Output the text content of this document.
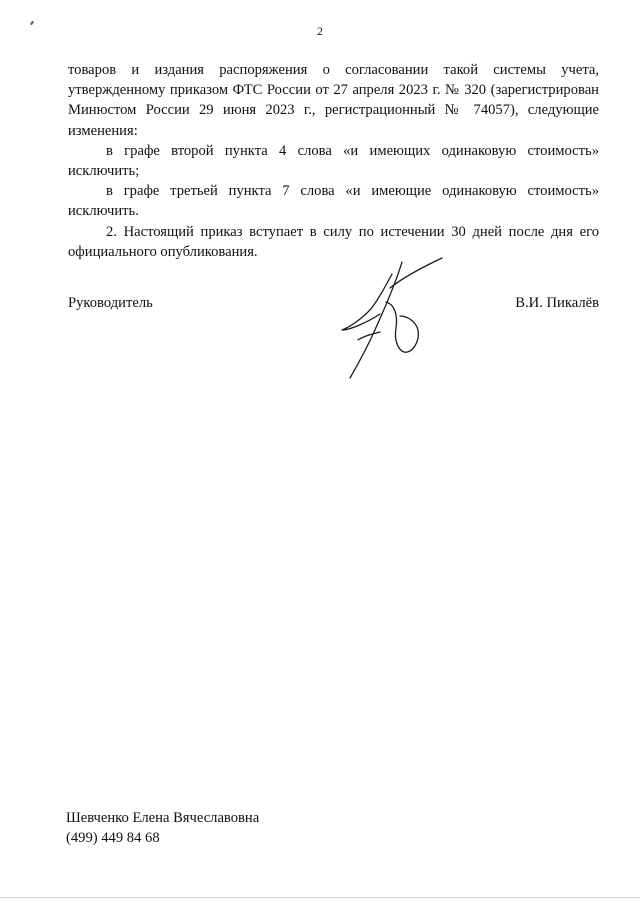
2

товаров и издания распоряжения о согласовании такой системы учета, утвержденному приказом ФТС России от 27 апреля 2023 г. № 320 (зарегистрирован Минюстом России 29 июня 2023 г., регистрационный № 74057), следующие изменения:

в графе второй пункта 4 слова «и имеющих одинаковую стоимость» исключить;

в графе третьей пункта 7 слова «и имеющие одинаковую стоимость» исключить.

2. Настоящий приказ вступает в силу по истечении 30 дней после дня его официального опубликования.

Руководитель	В.И. Пикалёв
Шевченко Елена Вячеславовна
(499) 449 84 68
